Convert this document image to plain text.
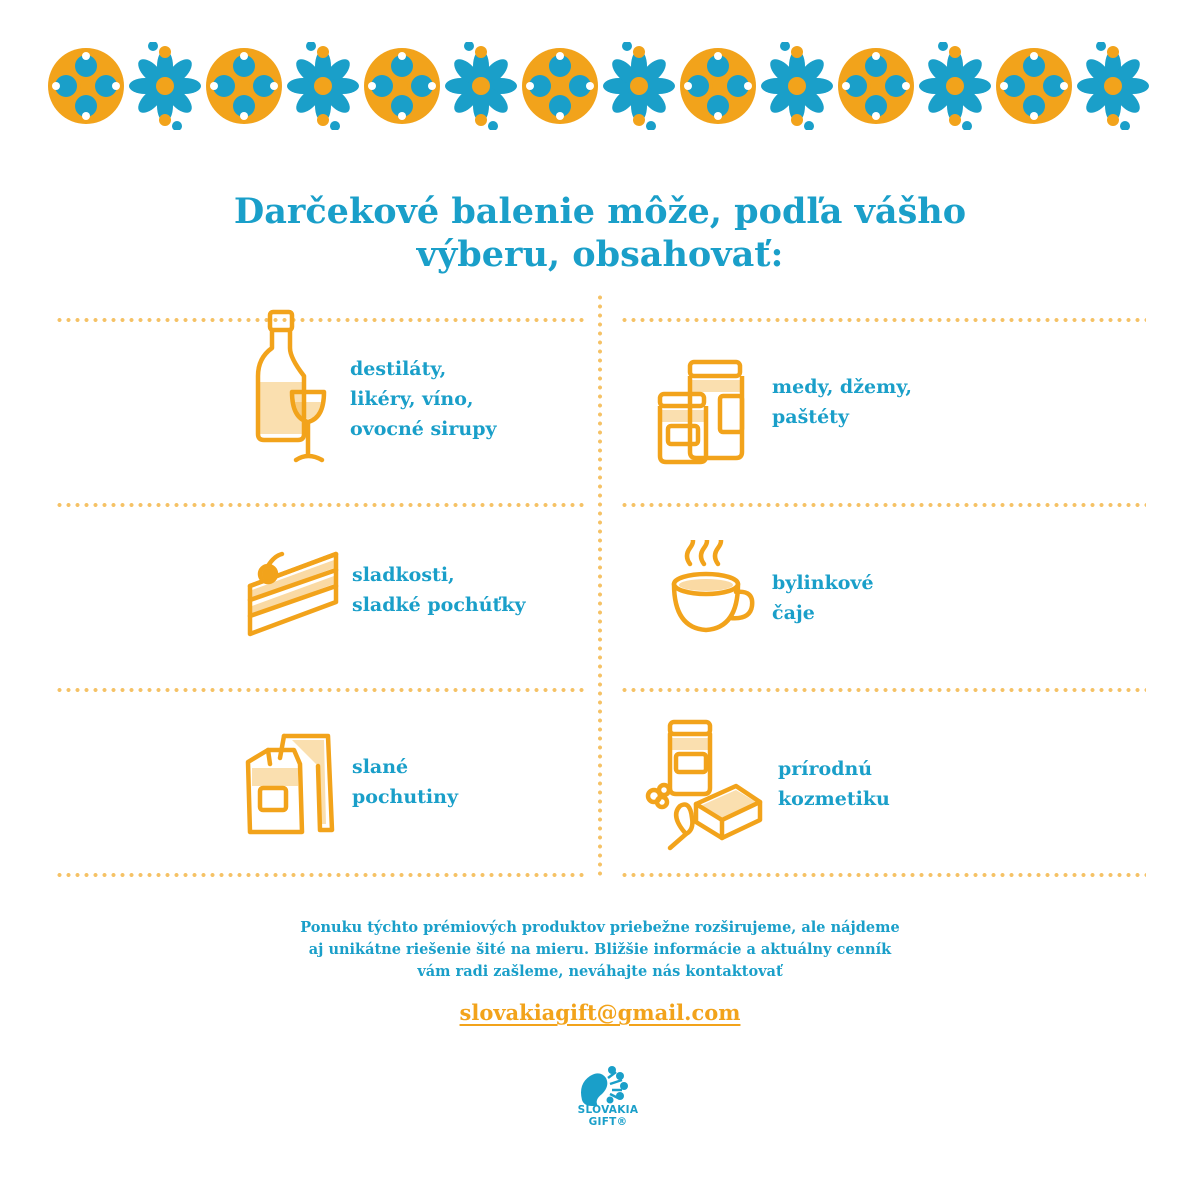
Darčekové balenie môže, podľa vášho
výberu, obsahovať:
destiláty,
likéry, víno,
ovocné sirupy
medy, džemy,
paštéty
sladkosti,
sladké pochúťky
bylinkové
čaje
slané
pochutiny
prírodnú
kozmetiku
Ponuku týchto prémiových produktov priebežne rozširujeme, ale nájdeme
aj unikátne riešenie šité na mieru. Bližšie informácie a aktuálny cenník
vám radi zašleme, neváhajte nás kontaktovať
slovakiagift@gmail.com
SLOVAKIA
GIFT®
